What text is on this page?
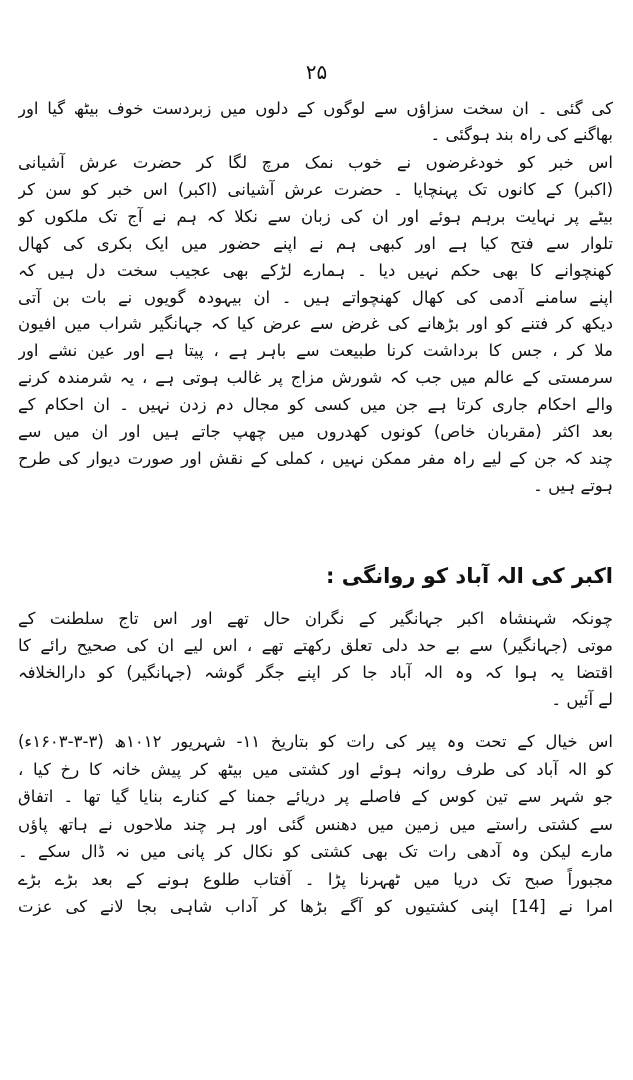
۲۵
کی گئی ۔ ان سخت سزاؤں سے لوگوں کے دلوں میں زبردست خوف بیٹھ گیا اور
بھاگنے کی راہ بند ہوگئی ۔
اس خبر کو خودغرضوں نے خوب نمک مرچ لگا کر حضرت عرش آشیانی
(اکبر) کے کانوں تک پہنچایا ۔ حضرت عرش آشیانی (اکبر) اس خبر کو سن کر
بیٹے پر نہایت برہم ہوئے اور ان کی زبان سے نکلا کہ ہم نے آج تک ملکوں کو
تلوار سے فتح کیا ہے اور کبھی ہم نے اپنے حضور میں ایک بکری کی کھال
کھنچوانے کا بھی حکم نہیں دیا ۔ ہمارے لڑکے بھی عجیب سخت دل ہیں کہ
اپنے سامنے آدمی کی کھال کھنچواتے ہیں ۔ ان بیہودہ گویوں نے بات بن آتی
دیکھ کر فتنے کو اور بڑھانے کی غرض سے عرض کیا کہ جہانگیر شراب میں افیون
ملا کر ، جس کا برداشت کرنا طبیعت سے باہر ہے ، پیتا ہے اور عین نشے اور
سرمستی کے عالم میں جب کہ شورش مزاج پر غالب ہوتی ہے ، یہ شرمندہ کرنے
والے احکام جاری کرتا ہے جن میں کسی کو مجال دم زدن نہیں ۔ ان احکام کے
بعد اکثر (مقربان خاص) کونوں کھدروں میں چھپ جاتے ہیں اور ان میں سے
چند کہ جن کے لیے راہ مفر ممکن نہیں ، کملی کے نقش اور صورت دیوار کی طرح
ہوتے ہیں ۔
اکبر کی الہ آباد کو روانگی :
چونکہ شہنشاہ اکبر جہانگیر کے نگران حال تھے اور اس تاج سلطنت کے
موتی (جہانگیر) سے بے حد دلی تعلق رکھتے تھے ، اس لیے ان کی صحیح رائے کا
اقتضا یہ ہوا کہ وہ الہ آباد جا کر اپنے جگر گوشہ (جہانگیر) کو دارالخلافہ
لے آئیں ۔
اس خیال کے تحت وہ پیر کی رات کو بتاریخ ۱۱- شہریور ۱۰۱۲ھ (۳-۳-۱۶۰۳ء)
کو الہ آباد کی طرف روانہ ہوئے اور کشتی میں بیٹھ کر پیش خانہ کا رخ کیا ،
جو شہر سے تین کوس کے فاصلے پر دریائے جمنا کے کنارے بنایا گیا تھا ۔ اتفاق
سے کشتی راستے میں زمین میں دھنس گئی اور ہر چند ملاحوں نے ہاتھ پاؤں
مارے لیکن وہ آدھی رات تک بھی کشتی کو نکال کر پانی میں نہ ڈال سکے ۔
مجبوراً صبح تک دریا میں ٹھہرنا پڑا ۔ آفتاب طلوع ہونے کے بعد بڑے بڑے
امرا نے [14] اپنی کشتیوں کو آگے بڑھا کر آداب شاہی بجا لانے کی عزت
